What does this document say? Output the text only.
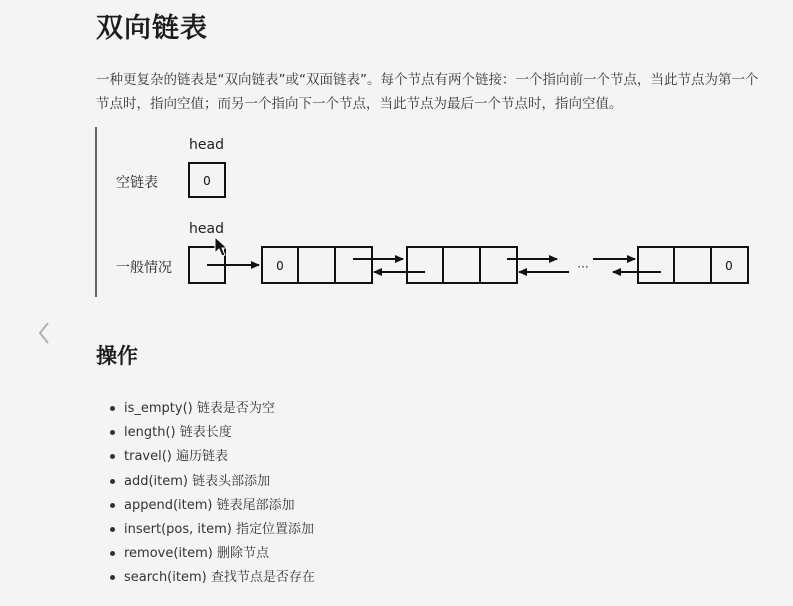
双向链表

一种更复杂的链表是“双向链表”或“双面链表”。每个节点有两个链接：一个指向前一个节点，当此节点为第一个节点时，指向空值；而另一个指向下一个节点，当此节点为最后一个节点时，指向空值。

空链表
head
0
一般情况
head
0	···	0
操作
is_empty() 链表是否为空
length() 链表长度
travel() 遍历链表
add(item) 链表头部添加
append(item) 链表尾部添加
insert(pos, item) 指定位置添加
remove(item) 删除节点
search(item) 查找节点是否存在
